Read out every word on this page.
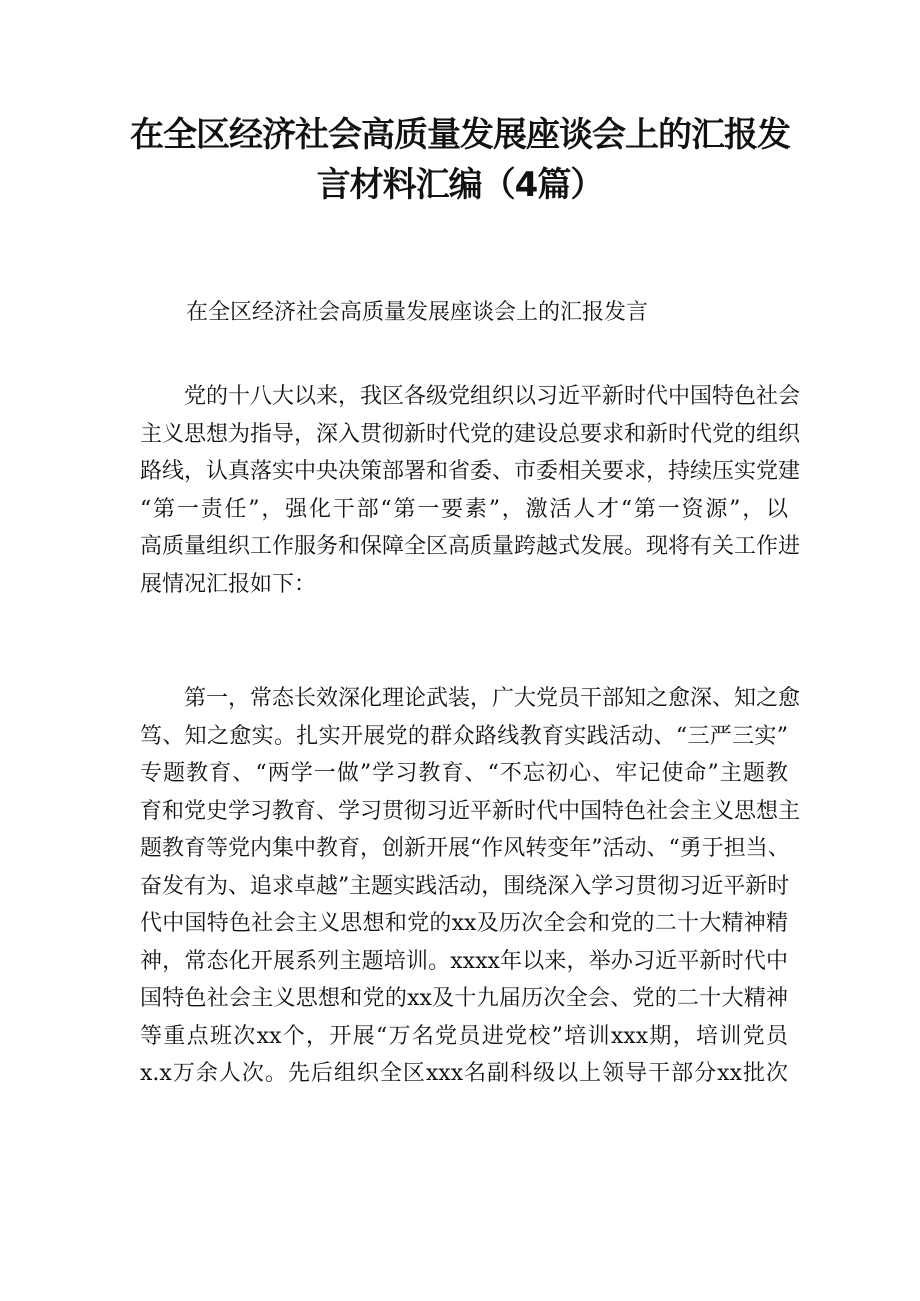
在全区经济社会高质量发展座谈会上的汇报发
言材料汇编（4篇）
在全区经济社会高质量发展座谈会上的汇报发言
党的十八大以来，我区各级党组织以习近平新时代中国特色社会
主义思想为指导，深入贯彻新时代党的建设总要求和新时代党的组织
路线，认真落实中央决策部署和省委、市委相关要求，持续压实党建
“第一责任”，强化干部“第一要素”，激活人才“第一资源”，以
高质量组织工作服务和保障全区高质量跨越式发展。现将有关工作进
展情况汇报如下：
第一，常态长效深化理论武装，广大党员干部知之愈深、知之愈
笃、知之愈实。扎实开展党的群众路线教育实践活动、“三严三实”
专题教育、“两学一做”学习教育、“不忘初心、牢记使命”主题教
育和党史学习教育、学习贯彻习近平新时代中国特色社会主义思想主
题教育等党内集中教育，创新开展“作风转变年”活动、“勇于担当、
奋发有为、追求卓越”主题实践活动，围绕深入学习贯彻习近平新时
代中国特色社会主义思想和党的xx及历次全会和党的二十大精神精
神，常态化开展系列主题培训。xxxx年以来，举办习近平新时代中
国特色社会主义思想和党的xx及十九届历次全会、党的二十大精神
等重点班次xx个，开展“万名党员进党校”培训xxx期，培训党员
x.x万余人次。先后组织全区xxx名副科级以上领导干部分xx批次
